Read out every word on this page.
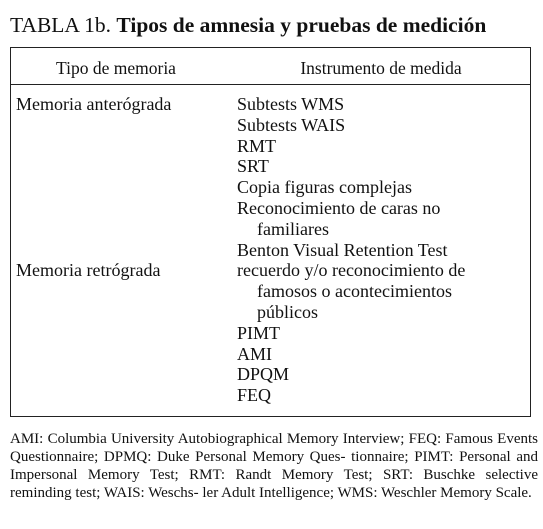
TABLA 1b. Tipos de amnesia y pruebas de medición
Tipo de memoria	Instrumento de medida
Memoria anterógrada
Memoria retrógrada
Subtests WMS
Subtests WAIS
RMT
SRT
Copia figuras complejas
Reconocimiento de caras no
familiares
Benton Visual Retention Test
recuerdo y/o reconocimiento de
famosos o acontecimientos
públicos
PIMT
AMI
DPQM
FEQ
AMI: Columbia University Autobiographical Memory Interview; FEQ: Famous Events Questionnaire; DPMQ: Duke Personal Memory Ques- tionnaire; PIMT: Personal and Impersonal Memory Test; RMT: Randt Memory Test; SRT: Buschke selective reminding test; WAIS: Weschs- ler Adult Intelligence; WMS: Weschler Memory Scale.
